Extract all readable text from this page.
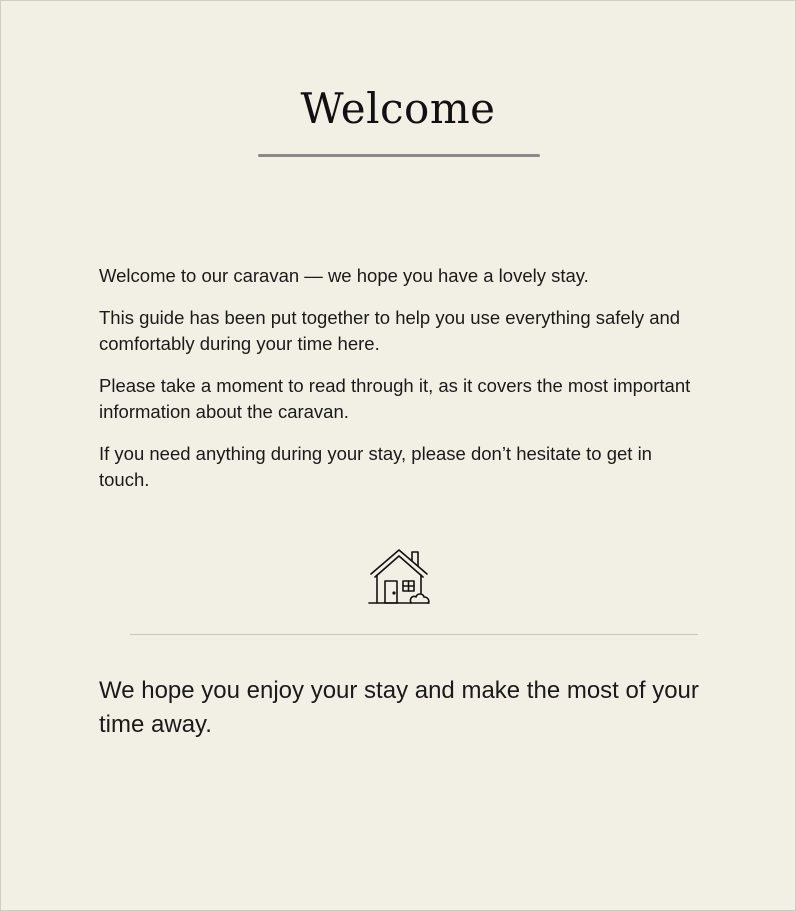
Welcome

Welcome to our caravan — we hope you have a lovely stay.

This guide has been put together to help you use everything safely and comfortably during your time here.

Please take a moment to read through it, as it covers the most important information about the caravan.

If you need anything during your stay, please don’t hesitate to get in touch.

We hope you enjoy your stay and make the most of your time away.
